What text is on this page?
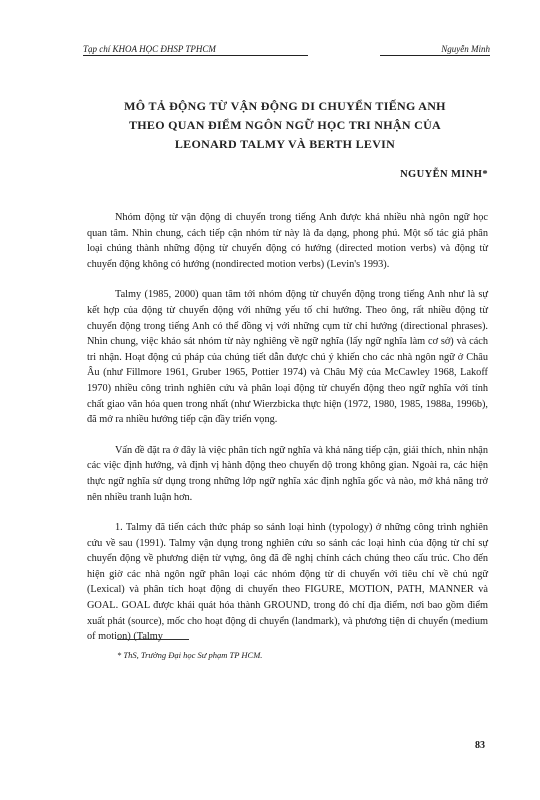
Tạp chí KHOA HỌC ĐHSP TPHCM	Nguyễn Minh
MÔ TẢ ĐỘNG TỪ VẬN ĐỘNG DI CHUYỂN TIẾNG ANH
THEO QUAN ĐIỂM NGÔN NGỮ HỌC TRI NHẬN CỦA
LEONARD TALMY VÀ BERTH LEVIN
NGUYỄN MINH*

Nhóm động từ vận động di chuyển trong tiếng Anh được khá nhiều nhà ngôn ngữ học quan tâm. Nhìn chung, cách tiếp cận nhóm từ này là đa dạng, phong phú. Một số tác giả phân loại chúng thành những động từ chuyển động có hướng (directed motion verbs) và động từ chuyển động không có hướng (nondirected motion verbs) (Levin's 1993).

Talmy (1985, 2000) quan tâm tới nhóm động từ chuyển động trong tiếng Anh như là sự kết hợp của động từ chuyển động với những yếu tố chỉ hướng. Theo ông, rất nhiều động từ chuyển động trong tiếng Anh có thể đồng vị với những cụm từ chỉ hướng (directional phrases). Nhìn chung, việc khảo sát nhóm từ này nghiêng về ngữ nghĩa (lấy ngữ nghĩa làm cơ sở) và cách tri nhận. Hoạt động cú pháp của chúng tiết dẫn được chú ý khiến cho các nhà ngôn ngữ ở Châu Âu (như Fillmore 1961, Gruber 1965, Pottier 1974) và Châu Mỹ của McCawley 1968, Lakoff 1970) nhiều công trình nghiên cứu và phân loại động từ chuyển động theo ngữ nghĩa với tính chất giao văn hóa quen trong nhất (như Wierzbicka thực hiện (1972, 1980, 1985, 1988a, 1996b), đã mở ra nhiều hướng tiếp cận đầy triển vọng.

Vấn đề đặt ra ở đây là việc phân tích ngữ nghĩa và khả năng tiếp cận, giải thích, nhìn nhận các việc định hướng, và định vị hành động theo chuyển dộ trong không gian. Ngoài ra, các hiện thực ngữ nghĩa sử dụng trong những lớp ngữ nghĩa xác định nghĩa gốc và nào, mở khả năng trở nên nhiều tranh luận hơn.

1. Talmy đã tiến cách thức pháp so sánh loại hình (typology) ở những công trình nghiên cứu về sau (1991). Talmy vận dụng trong nghiên cứu so sánh các loại hình của động từ chỉ sự chuyển động về phương diện từ vựng, ông đã đề nghị chính cách chúng theo cấu trúc. Cho đến hiện giờ các nhà ngôn ngữ phân loại các nhóm động từ di chuyển với tiêu chí về chủ ngữ (Lexical) và phân tích hoạt động di chuyển theo FIGURE, MOTION, PATH, MANNER và GOAL. GOAL được khái quát hóa thành GROUND, trong đó chỉ địa điểm, nơi bao gồm điểm xuất phát (source), mốc cho hoạt động di chuyển (landmark), và phương tiện di chuyển (medium of motion) (Talmy

* ThS, Trường Đại học Sư phạm TP HCM.
83
